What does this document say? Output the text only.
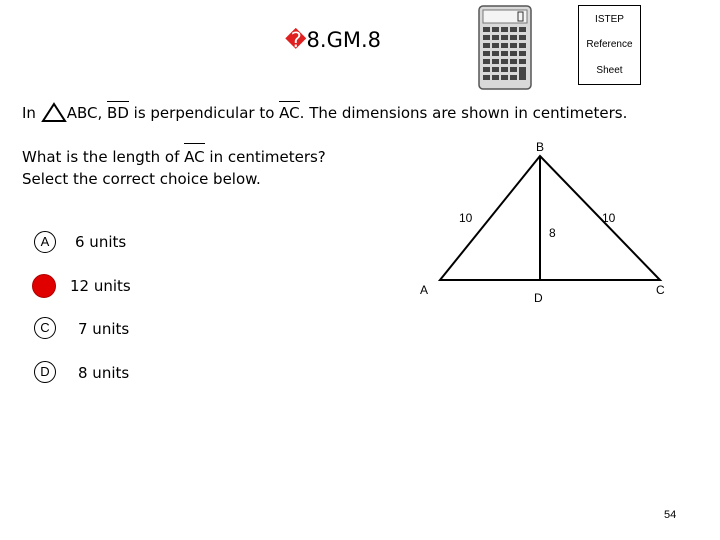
�8.GM.8
ISTEP
Reference
Sheet
In ABC, BD is perpendicular to AC. The dimensions are shown in centimeters.
What is the length of AC in centimeters?
Select the correct choice below.
A	6 units
12 units
C	7 units
D	8 units
B
A
D
C
10
8
10
54
